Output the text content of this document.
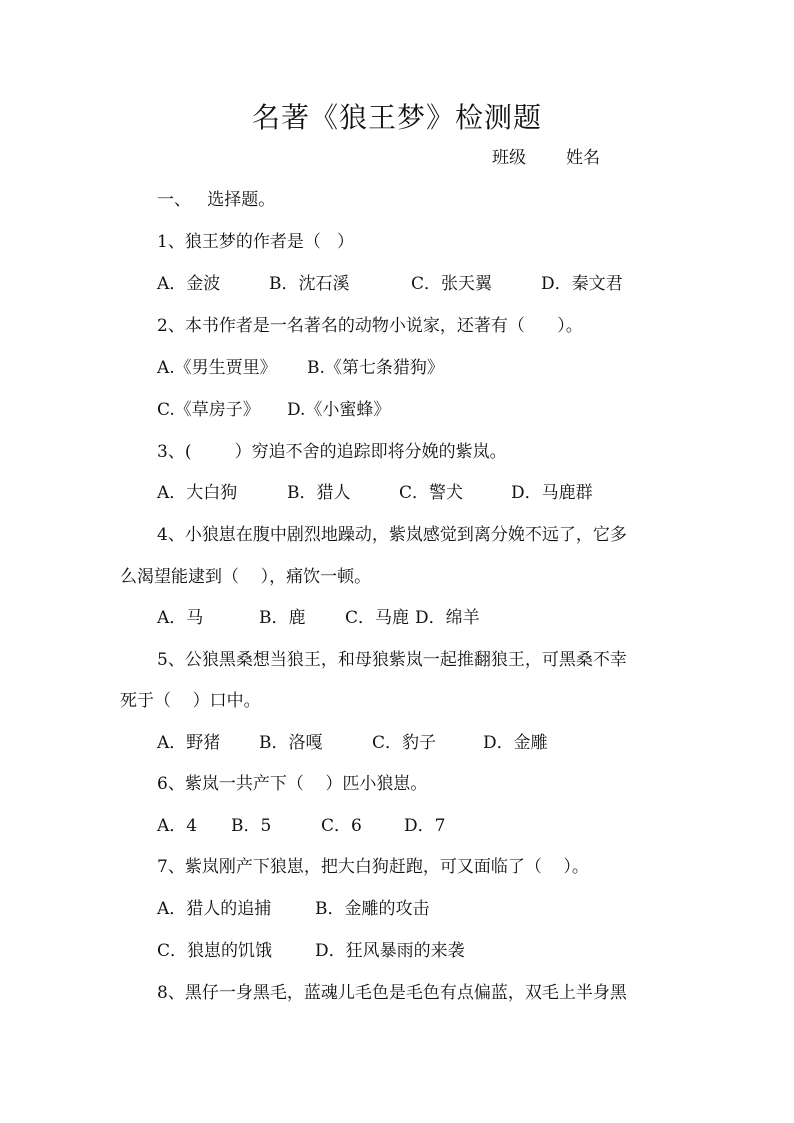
名著《狼王梦》检测题
班级 姓名
一、   选择题。
1、狼王梦的作者是（   ）
A．金波	B．沈石溪	C．张天翼	D．秦文君
2、本书作者是一名著名的动物小说家，还著有（      ）。
A.《男生贾里》 B.《第七条猎狗》
C.《草房子》 D.《小蜜蜂》
3、(        ）穷追不舍的追踪即将分娩的紫岚。
A．大白狗	B．猎人	C．警犬	D．马鹿群
4、小狼崽在腹中剧烈地躁动，紫岚感觉到离分娩不远了，它多
么渴望能逮到（    ），痛饮一顿。
A．马	B．鹿 C．马鹿 D．绵羊
5、公狼黑桑想当狼王，和母狼紫岚一起推翻狼王，可黑桑不幸
死于（    ）口中。
A．野猪 B．洛嘎	C．豹子	D．金雕
6、紫岚一共产下（    ）匹小狼崽。
A．4 B．5	C．6 D．7
7、紫岚刚产下狼崽，把大白狗赶跑，可又面临了（    ）。
A．猎人的追捕	B．金雕的攻击
C．狼崽的饥饿	D．狂风暴雨的来袭
8、黑仔一身黑毛，蓝魂儿毛色是毛色有点偏蓝，双毛上半身黑
